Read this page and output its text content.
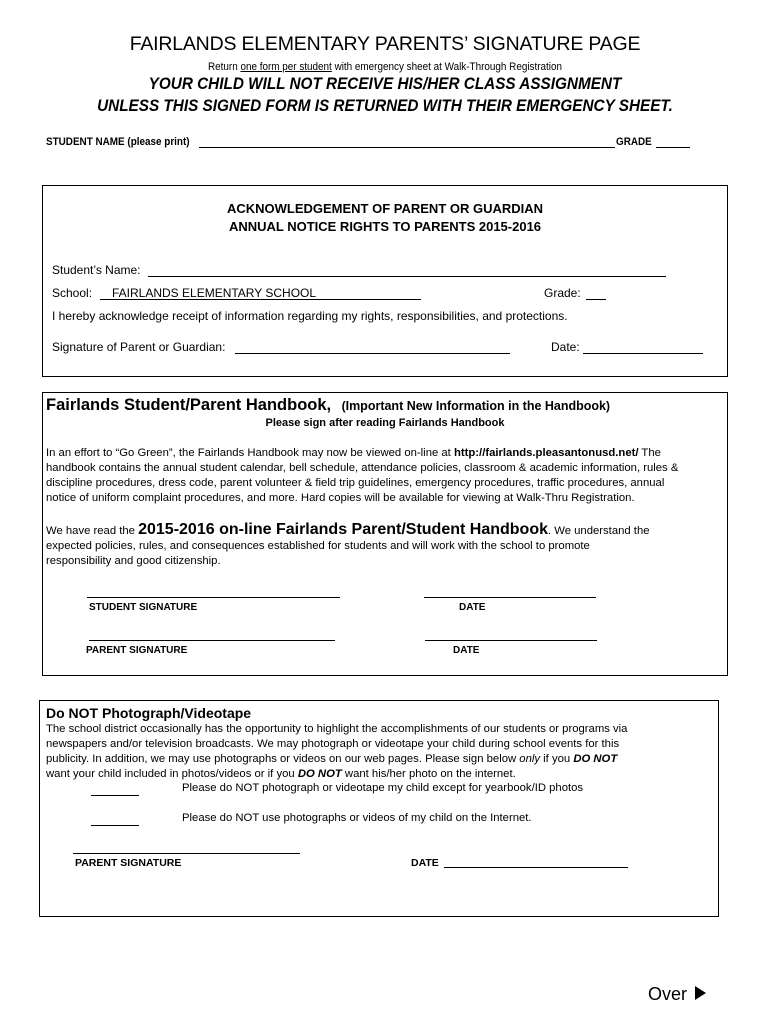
FAIRLANDS ELEMENTARY PARENTS’ SIGNATURE PAGE
Return one form per student with emergency sheet at Walk-Through Registration
YOUR CHILD WILL NOT RECEIVE HIS/HER CLASS ASSIGNMENT
UNLESS THIS SIGNED FORM IS RETURNED WITH THEIR EMERGENCY SHEET.
STUDENT NAME (please print)	GRADE
ACKNOWLEDGEMENT OF PARENT OR GUARDIAN
ANNUAL NOTICE RIGHTS TO PARENTS 2015-2016
Student’s Name:
School: FAIRLANDS ELEMENTARY SCHOOL	Grade:
I hereby acknowledge receipt of information regarding my rights, responsibilities, and protections.
Signature of Parent or Guardian:	Date:
Fairlands Student/Parent Handbook, (Important New Information in the Handbook)
Please sign after reading Fairlands Handbook
In an effort to “Go Green”, the Fairlands Handbook may now be viewed on-line at http://fairlands.pleasantonusd.net/ The
handbook contains the annual student calendar, bell schedule, attendance policies, classroom & academic information, rules &
discipline procedures, dress code, parent volunteer & field trip guidelines, emergency procedures, traffic procedures, annual
notice of uniform complaint procedures, and more. Hard copies will be available for viewing at Walk-Thru Registration.
We have read the 2015-2016 on-line Fairlands Parent/Student Handbook. We understand the
expected policies, rules, and consequences established for students and will work with the school to promote
responsibility and good citizenship.
STUDENT SIGNATURE	DATE
PARENT SIGNATURE	DATE
Do NOT Photograph/Videotape
The school district occasionally has the opportunity to highlight the accomplishments of our students or programs via
newspapers and/or television broadcasts. We may photograph or videotape your child during school events for this
publicity. In addition, we may use photographs or videos on our web pages. Please sign below only if you DO NOT
want your child included in photos/videos or if you DO NOT want his/her photo on the internet.
Please do NOT photograph or videotape my child except for yearbook/ID photos
Please do NOT use photographs or videos of my child on the Internet.
PARENT SIGNATURE	DATE
Over
